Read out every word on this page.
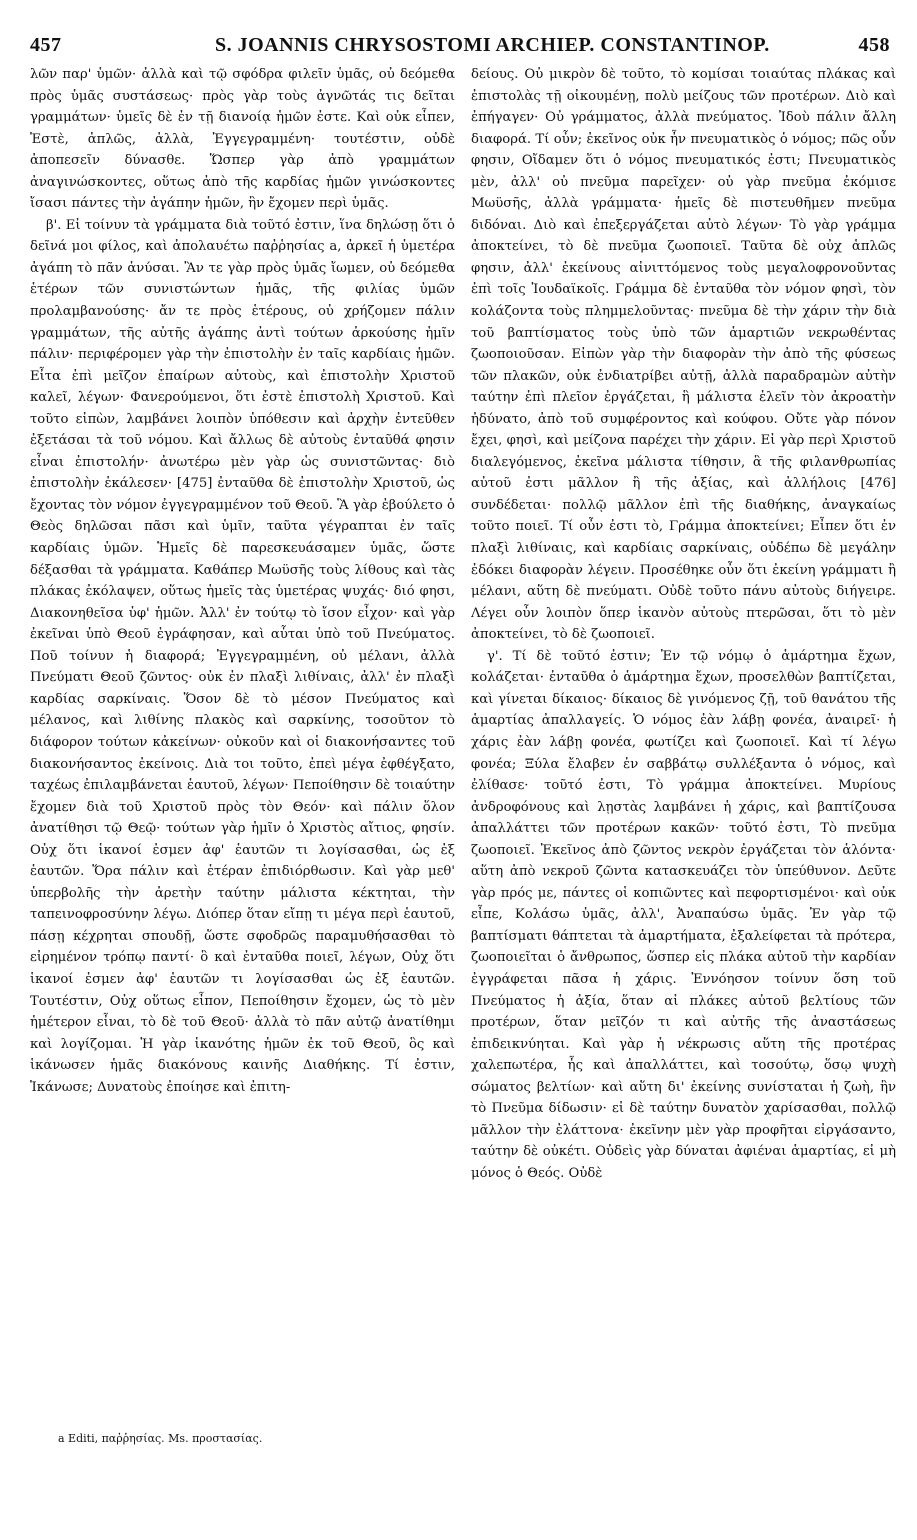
457	S. JOANNIS CHRYSOSTOMI ARCHIEP. CONSTANTINOP.	458

λῶν παρ' ὑμῶν· ἀλλὰ καὶ τῷ σφόδρα φιλεῖν ὑμᾶς, οὐ δεόμεθα πρὸς ὑμᾶς συστάσεως· πρὸς γὰρ τοὺς ἀγνῶτάς τις δεῖται γραμμάτων· ὑμεῖς δὲ ἐν τῇ διανοίᾳ ἡμῶν ἐστε. Καὶ οὐκ εἶπεν, Ἐστὲ, ἁπλῶς, ἀλλὰ, Ἐγγεγραμμένη· τουτέστιν, οὐδὲ ἀποπεσεῖν δύνασθε. Ὥσπερ γὰρ ἀπὸ γραμμάτων ἀναγινώσκοντες, οὕτως ἀπὸ τῆς καρδίας ἡμῶν γινώσκοντες ἴσασι πάντες τὴν ἀγάπην ἡμῶν, ἣν ἔχομεν περὶ ὑμᾶς.

β'. Εἰ τοίνυν τὰ γράμματα διὰ τοῦτό ἐστιν, ἵνα δηλώσῃ ὅτι ὁ δεῖνά μοι φίλος, καὶ ἀπολαυέτω παῤῥησίας a, ἀρκεῖ ἡ ὑμετέρα ἀγάπη τὸ πᾶν ἀνύσαι. Ἂν τε γὰρ πρὸς ὑμᾶς ἴωμεν, οὐ δεόμεθα ἑτέρων τῶν συνιστώντων ἡμᾶς, τῆς φιλίας ὑμῶν προλαμβανούσης· ἄν τε πρὸς ἑτέρους, οὐ χρήζομεν πάλιν γραμμάτων, τῆς αὐτῆς ἀγάπης ἀντὶ τούτων ἀρκούσης ἡμῖν πάλιν· περιφέρομεν γὰρ τὴν ἐπιστολὴν ἐν ταῖς καρδίαις ἡμῶν. Εἶτα ἐπὶ μεῖζον ἐπαίρων αὐτοὺς, καὶ ἐπιστολὴν Χριστοῦ καλεῖ, λέγων· Φανερούμενοι, ὅτι ἐστὲ ἐπιστολὴ Χριστοῦ. Καὶ τοῦτο εἰπὼν, λαμβάνει λοιπὸν ὑπόθεσιν καὶ ἀρχὴν ἐντεῦθεν ἐξετάσαι τὰ τοῦ νόμου. Καὶ ἄλλως δὲ αὐτοὺς ἐνταῦθά φησιν εἶναι ἐπιστολήν· ἀνωτέρω μὲν γὰρ ὡς συνιστῶντας· διὸ ἐπιστολὴν ἐκάλεσεν· [475] ἐνταῦθα δὲ ἐπιστολὴν Χριστοῦ, ὡς ἔχοντας τὸν νόμον ἐγγεγραμμένον τοῦ Θεοῦ. Ἃ γὰρ ἐβούλετο ὁ Θεὸς δηλῶσαι πᾶσι καὶ ὑμῖν, ταῦτα γέγραπται ἐν ταῖς καρδίαις ὑμῶν. Ἡμεῖς δὲ παρεσκευάσαμεν ὑμᾶς, ὥστε δέξασθαι τὰ γράμματα. Καθάπερ Μωϋσῆς τοὺς λίθους καὶ τὰς πλάκας ἐκόλαψεν, οὕτως ἡμεῖς τὰς ὑμετέρας ψυχάς· διό φησι, Διακονηθεῖσα ὑφ' ἡμῶν. Ἀλλ' ἐν τούτῳ τὸ ἴσον εἶχον· καὶ γὰρ ἐκεῖναι ὑπὸ Θεοῦ ἐγράφησαν, καὶ αὗται ὑπὸ τοῦ Πνεύματος. Ποῦ τοίνυν ἡ διαφορά; Ἐγγεγραμμένη, οὐ μέλανι, ἀλλὰ Πνεύματι Θεοῦ ζῶντος· οὐκ ἐν πλαξὶ λιθίναις, ἀλλ' ἐν πλαξὶ καρδίας σαρκίναις. Ὅσον δὲ τὸ μέσον Πνεύματος καὶ μέλανος, καὶ λιθίνης πλακὸς καὶ σαρκίνης, τοσοῦτον τὸ διάφορον τούτων κἀκείνων· οὐκοῦν καὶ οἱ διακονήσαντες τοῦ διακονήσαντος ἐκείνοις. Διὰ τοι τοῦτο, ἐπεὶ μέγα ἐφθέγξατο, ταχέως ἐπιλαμβάνεται ἑαυτοῦ, λέγων· Πεποίθησιν δὲ τοιαύτην ἔχομεν διὰ τοῦ Χριστοῦ πρὸς τὸν Θεόν· καὶ πάλιν ὅλον ἀνατίθησι τῷ Θεῷ· τούτων γὰρ ἡμῖν ὁ Χριστὸς αἴτιος, φησίν. Οὐχ ὅτι ἱκανοί ἐσμεν ἀφ' ἑαυτῶν τι λογίσασθαι, ὡς ἐξ ἑαυτῶν. Ὅρα πάλιν καὶ ἑτέραν ἐπιδιόρθωσιν. Καὶ γὰρ μεθ' ὑπερβολῆς τὴν ἀρετὴν ταύτην μάλιστα κέκτηται, τὴν ταπεινοφροσύνην λέγω. Διόπερ ὅταν εἴπῃ τι μέγα περὶ ἑαυτοῦ, πάσῃ κέχρηται σπουδῇ, ὥστε σφοδρῶς παραμυθήσασθαι τὸ εἰρημένον τρόπῳ παντί· ὃ καὶ ἐνταῦθα ποιεῖ, λέγων, Οὐχ ὅτι ἱκανοί ἐσμεν ἀφ' ἑαυτῶν τι λογίσασθαι ὡς ἐξ ἑαυτῶν. Τουτέστιν, Οὐχ οὕτως εἶπον, Πεποίθησιν ἔχομεν, ὡς τὸ μὲν ἡμέτερον εἶναι, τὸ δὲ τοῦ Θεοῦ· ἀλλὰ τὸ πᾶν αὐτῷ ἀνατίθημι καὶ λογίζομαι. Ἡ γὰρ ἱκανότης ἡμῶν ἐκ τοῦ Θεοῦ, ὃς καὶ ἱκάνωσεν ἡμᾶς διακόνους καινῆς Διαθήκης. Τί ἐστιν, Ἱκάνωσε; Δυνατοὺς ἐποίησε καὶ ἐπιτη-

δείους. Οὐ μικρὸν δὲ τοῦτο, τὸ κομίσαι τοιαύτας πλάκας καὶ ἐπιστολὰς τῇ οἰκουμένῃ, πολὺ μείζους τῶν προτέρων. Διὸ καὶ ἐπήγαγεν· Οὐ γράμματος, ἀλλὰ πνεύματος. Ἰδοὺ πάλιν ἄλλη διαφορά. Τί οὖν; ἐκεῖνος οὐκ ἦν πνευματικὸς ὁ νόμος; πῶς οὖν φησιν, Οἴδαμεν ὅτι ὁ νόμος πνευματικός ἐστι; Πνευματικὸς μὲν, ἀλλ' οὐ πνεῦμα παρεῖχεν· οὐ γὰρ πνεῦμα ἐκόμισε Μωϋσῆς, ἀλλὰ γράμματα· ἡμεῖς δὲ πιστευθῆμεν πνεῦμα διδόναι. Διὸ καὶ ἐπεξεργάζεται αὐτὸ λέγων· Τὸ γὰρ γράμμα ἀποκτείνει, τὸ δὲ πνεῦμα ζωοποιεῖ. Ταῦτα δὲ οὐχ ἁπλῶς φησιν, ἀλλ' ἐκείνους αἰνιττόμενος τοὺς μεγαλοφρονοῦντας ἐπὶ τοῖς Ἰουδαϊκοῖς. Γράμμα δὲ ἐνταῦθα τὸν νόμον φησὶ, τὸν κολάζοντα τοὺς πλημμελοῦντας· πνεῦμα δὲ τὴν χάριν τὴν διὰ τοῦ βαπτίσματος τοὺς ὑπὸ τῶν ἁμαρτιῶν νεκρωθέντας ζωοποιοῦσαν. Εἰπὼν γὰρ τὴν διαφορὰν τὴν ἀπὸ τῆς φύσεως τῶν πλακῶν, οὐκ ἐνδιατρίβει αὐτῇ, ἀλλὰ παραδραμὼν αὐτὴν ταύτην ἐπὶ πλεῖον ἐργάζεται, ἣ μάλιστα ἑλεῖν τὸν ἀκροατὴν ἠδύνατο, ἀπὸ τοῦ συμφέροντος καὶ κούφου. Οὔτε γὰρ πόνον ἔχει, φησὶ, καὶ μείζονα παρέχει τὴν χάριν. Εἰ γὰρ περὶ Χριστοῦ διαλεγόμενος, ἐκεῖνα μάλιστα τίθησιν, ἃ τῆς φιλανθρωπίας αὐτοῦ ἐστι μᾶλλον ἢ τῆς ἀξίας, καὶ ἀλλήλοις [476] συνδέδεται· πολλῷ μᾶλλον ἐπὶ τῆς διαθήκης, ἀναγκαίως τοῦτο ποιεῖ. Τί οὖν ἐστι τὸ, Γράμμα ἀποκτείνει; Εἶπεν ὅτι ἐν πλαξὶ λιθίναις, καὶ καρδίαις σαρκίναις, οὐδέπω δὲ μεγάλην ἐδόκει διαφορὰν λέγειν. Προσέθηκε οὖν ὅτι ἐκείνη γράμματι ἢ μέλανι, αὕτη δὲ πνεύματι. Οὐδὲ τοῦτο πάνυ αὐτοὺς διήγειρε. Λέγει οὖν λοιπὸν ὅπερ ἱκανὸν αὐτοὺς πτερῶσαι, ὅτι τὸ μὲν ἀποκτείνει, τὸ δὲ ζωοποιεῖ.

γ'. Τί δὲ τοῦτό ἐστιν; Ἐν τῷ νόμῳ ὁ ἁμάρτημα ἔχων, κολάζεται· ἐνταῦθα ὁ ἁμάρτημα ἔχων, προσελθὼν βαπτίζεται, καὶ γίνεται δίκαιος· δίκαιος δὲ γινόμενος ζῇ, τοῦ θανάτου τῆς ἁμαρτίας ἀπαλλαγείς. Ὁ νόμος ἐὰν λάβῃ φονέα, ἀναιρεῖ· ἡ χάρις ἐὰν λάβῃ φονέα, φωτίζει καὶ ζωοποιεῖ. Καὶ τί λέγω φονέα; Ξύλα ἔλαβεν ἐν σαββάτῳ συλλέξαντα ὁ νόμος, καὶ ἐλίθασε· τοῦτό ἐστι, Τὸ γράμμα ἀποκτείνει. Μυρίους ἀνδροφόνους καὶ λῃστὰς λαμβάνει ἡ χάρις, καὶ βαπτίζουσα ἀπαλλάττει τῶν προτέρων κακῶν· τοῦτό ἐστι, Τὸ πνεῦμα ζωοποιεῖ. Ἐκεῖνος ἀπὸ ζῶντος νεκρὸν ἐργάζεται τὸν ἁλόντα· αὕτη ἀπὸ νεκροῦ ζῶντα κατασκευάζει τὸν ὑπεύθυνον. Δεῦτε γὰρ πρός με, πάντες οἱ κοπιῶντες καὶ πεφορτισμένοι· καὶ οὐκ εἶπε, Κολάσω ὑμᾶς, ἀλλ', Ἀναπαύσω ὑμᾶς. Ἐν γὰρ τῷ βαπτίσματι θάπτεται τὰ ἁμαρτήματα, ἐξαλείφεται τὰ πρότερα, ζωοποιεῖται ὁ ἄνθρωπος, ὥσπερ εἰς πλάκα αὐτοῦ τὴν καρδίαν ἐγγράφεται πᾶσα ἡ χάρις. Ἐννόησον τοίνυν ὅση τοῦ Πνεύματος ἡ ἀξία, ὅταν αἱ πλάκες αὐτοῦ βελτίους τῶν προτέρων, ὅταν μεῖζόν τι καὶ αὐτῆς τῆς ἀναστάσεως ἐπιδεικνύηται. Καὶ γὰρ ἡ νέκρωσις αὕτη τῆς προτέρας χαλεπωτέρα, ἧς καὶ ἀπαλλάττει, καὶ τοσούτῳ, ὅσῳ ψυχὴ σώματος βελτίων· καὶ αὕτη δι' ἐκείνης συνίσταται ἡ ζωὴ, ἣν τὸ Πνεῦμα δίδωσιν· εἰ δὲ ταύτην δυνατὸν χαρίσασθαι, πολλῷ μᾶλλον τὴν ἐλάττονα· ἐκεῖνην μὲν γὰρ προφῆται εἰργάσαντο, ταύτην δὲ οὐκέτι. Οὐδεὶς γὰρ δύναται ἀφιέναι ἁμαρτίας, εἰ μὴ μόνος ὁ Θεός. Οὐδὲ

a Editi, παῤῥησίας. Ms. προστασίας.
